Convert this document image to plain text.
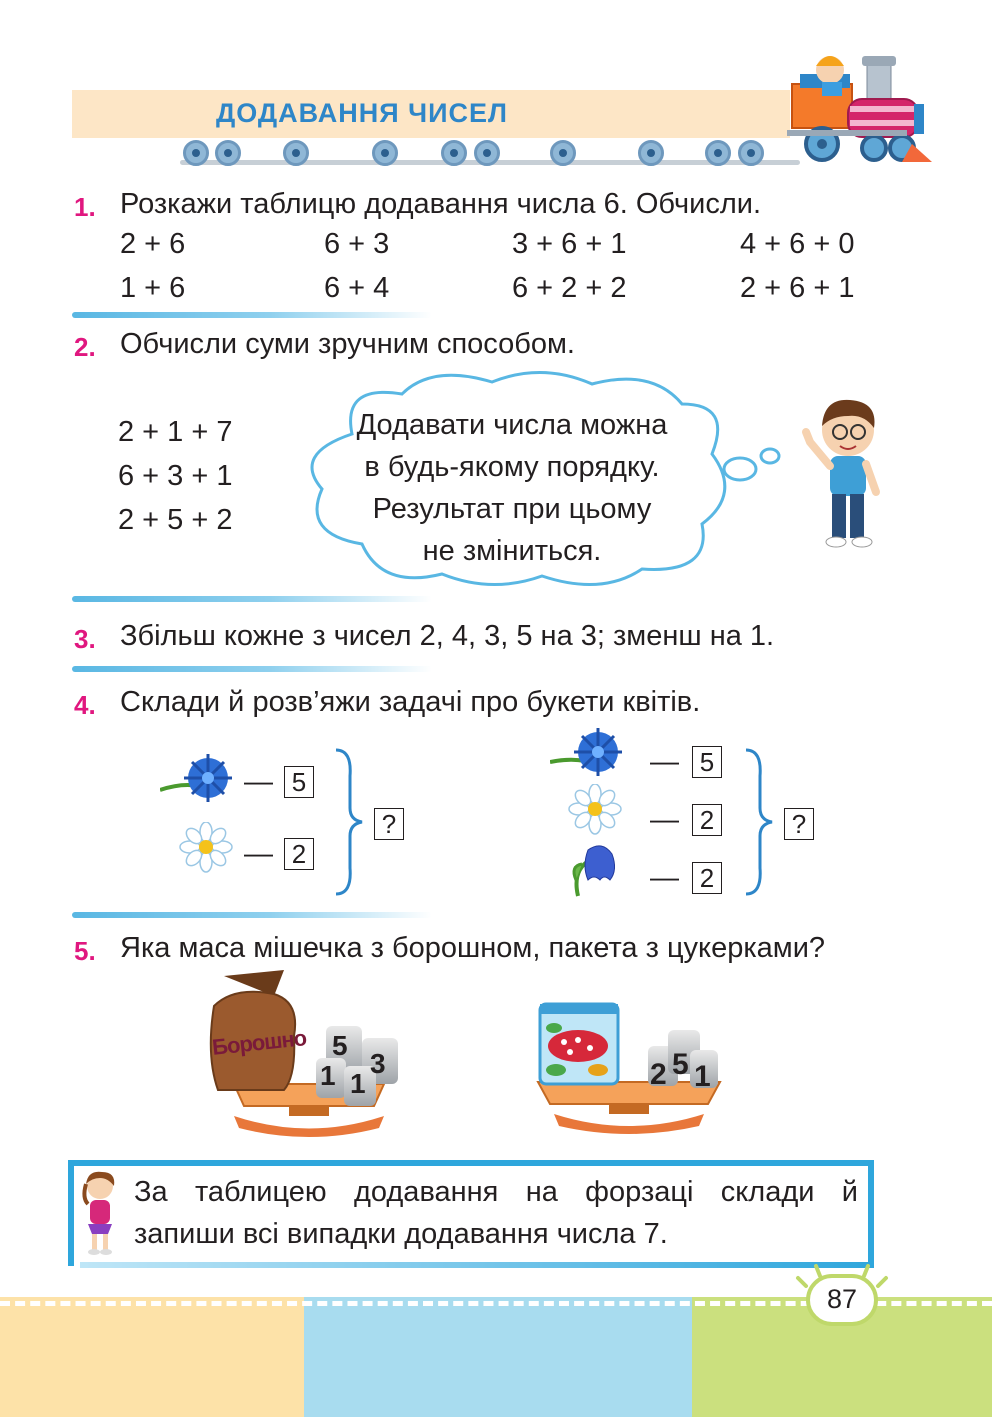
ДОДАВАННЯ ЧИСЕЛ
1. Розкажи таблицю додавання числа 6. Обчисли.
2 + 6	6 + 3	3 + 6 + 1	4 + 6 + 0
1 + 6	6 + 4	6 + 2 + 2	2 + 6 + 1
2. Обчисли суми зручним способом.
2 + 1 + 7
6 + 3 + 1
2 + 5 + 2
Додавати числа можна
в будь-якому порядку.
Результат при цьому
не зміниться.
3. Збільш кожне з чисел 2, 4, 3, 5 на 3; зменш на 1.
4. Склади й розв’яжи задачі про букети квітів.
— 5
— 2
?
— 5
— 2
— 2
?
5. Яка маса мішечка з борошном, пакета з цукерками?
Борошно 5
1 1
3	2 5 1
За таблицею додавання на форзаці склади й
запиши всі випадки додавання числа 7.
87
